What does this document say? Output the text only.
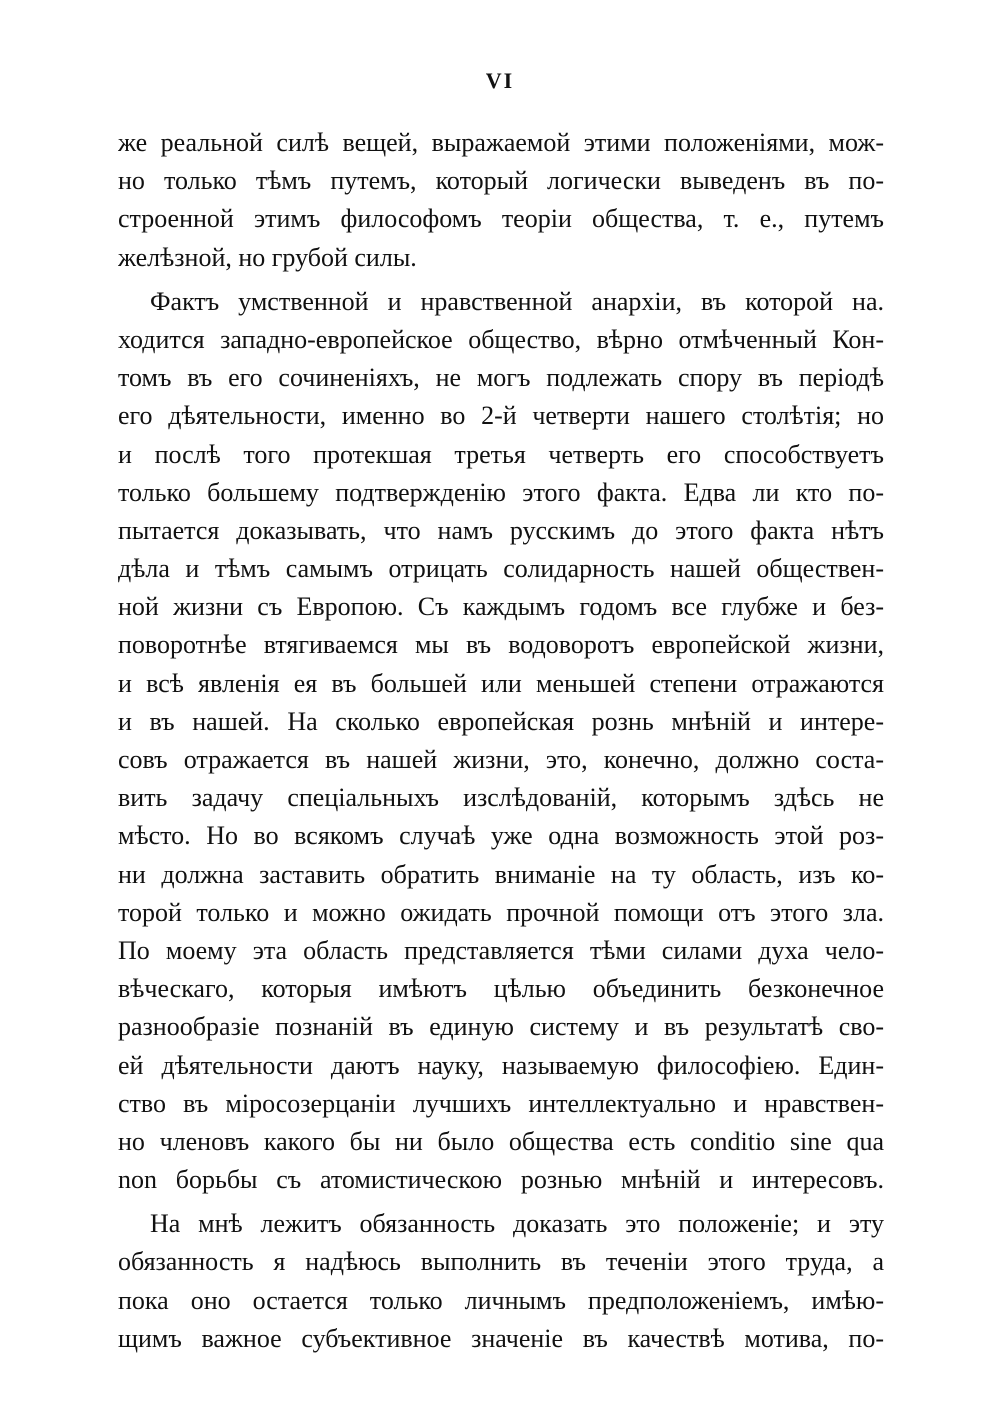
VI
же реальной силѣ вещей, выражаемой этими положеніями, мож-
но только тѣмъ путемъ, который логически выведенъ въ по-
строенной этимъ философомъ теоріи общества, т. е., путемъ
желѣзной, но грубой силы.
Фактъ умственной и нравственной анархіи, въ которой на.
ходится западно-европейское общество, вѣрно отмѣченный Кон-
томъ въ его сочиненіяхъ, не могъ подлежать спору въ періодѣ
его дѣятельности, именно во 2-й четверти нашего столѣтія; но
и послѣ того протекшая третья четверть его способствуетъ
только большему подтвержденію этого факта. Едва ли кто по-
пытается доказывать, что намъ русскимъ до этого факта нѣтъ
дѣла и тѣмъ самымъ отрицать солидарность нашей обществен-
ной жизни съ Европою. Съ каждымъ годомъ все глубже и без-
поворотнѣе втягиваемся мы въ водоворотъ европейской жизни,
и всѣ явленія ея въ большей или меньшей степени отражаются
и въ нашей. На сколько европейская рознь мнѣній и интере-
совъ отражается въ нашей жизни, это, конечно, должно соста-
вить задачу спеціальныхъ изслѣдованій, которымъ здѣсь не
мѣсто. Но во всякомъ случаѣ уже одна возможность этой роз-
ни должна заставить обратить вниманіе на ту область, изъ ко-
торой только и можно ожидать прочной помощи отъ этого зла.
По моему эта область представляется тѣми силами духа чело-
вѣческаго, которыя имѣютъ цѣлью объединить безконечное
разнообразіе познаній въ единую систему и въ результатѣ сво-
ей дѣятельности даютъ науку, называемую философіею. Един-
ство въ міросозерцаніи лучшихъ интеллектуально и нравствен-
но членовъ какого бы ни было общества есть conditio sine qua
non борьбы съ атомистическою рознью мнѣній и интересовъ.
На мнѣ лежитъ обязанность доказать это положеніе; и эту
обязанность я надѣюсь выполнить въ теченіи этого труда, а
пока оно остается только личнымъ предположеніемъ, имѣю-
щимъ важное субъективное значеніе въ качествѣ мотива, по-
